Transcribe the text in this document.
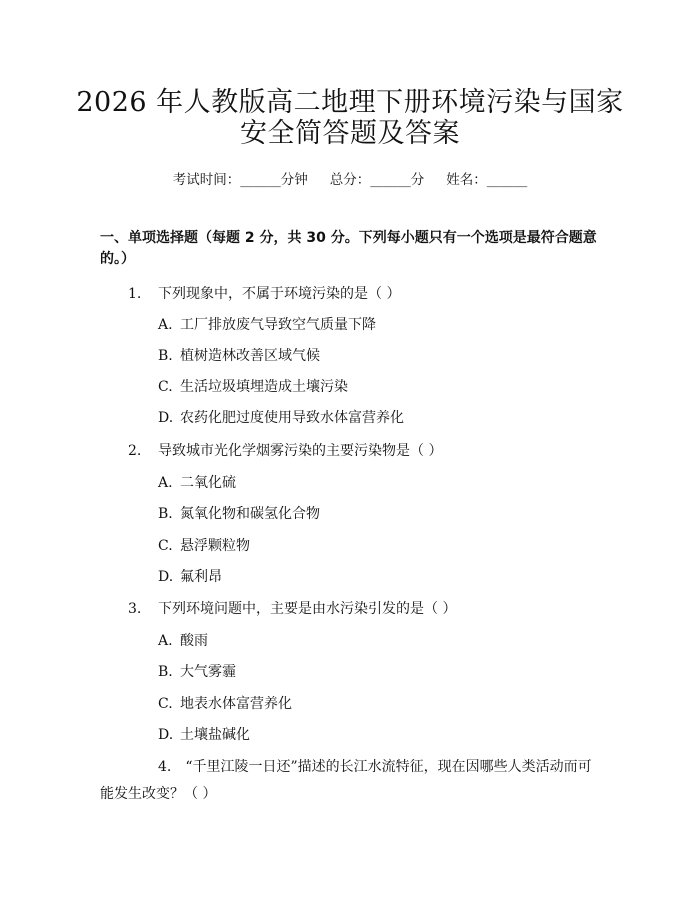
2026 年人教版高二地理下册环境污染与国家
安全简答题及答案
考试时间：______分钟 总分：______分 姓名：______
一、单项选择题（每题 2 分，共 30 分。下列每小题只有一个选项是最符合题意的。）
1.	下列现象中，不属于环境污染的是（ ）
A. 工厂排放废气导致空气质量下降
B. 植树造林改善区域气候
C. 生活垃圾填埋造成土壤污染
D. 农药化肥过度使用导致水体富营养化
2.	导致城市光化学烟雾污染的主要污染物是（ ）
A. 二氧化硫
B. 氮氧化物和碳氢化合物
C. 悬浮颗粒物
D. 氟利昂
3.	下列环境问题中，主要是由水污染引发的是（ ）
A. 酸雨
B. 大气雾霾
C. 地表水体富营养化
D. 土壤盐碱化
4.   “千里江陵一日还”描述的长江水流特征，现在因哪些人类活动而可能发生改变？（ ）
